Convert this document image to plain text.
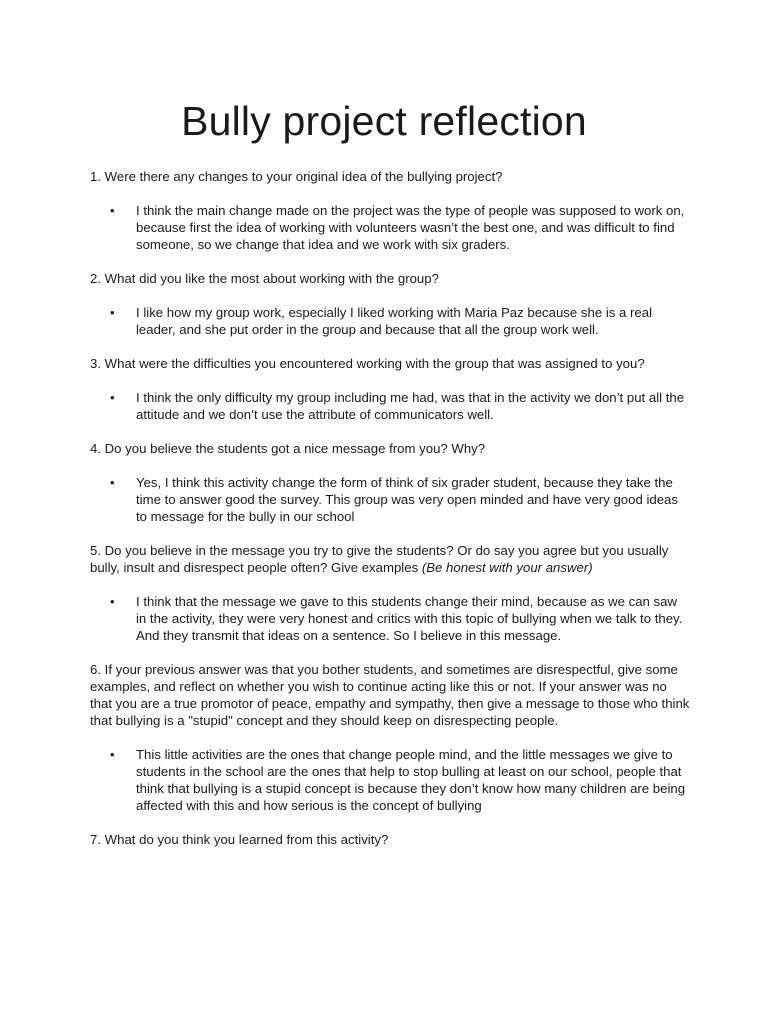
Bully project reflection

1. Were there any changes to your original idea of the bullying project?

• I think the main change made on the project was the type of people was supposed to work on, because first the idea of working with volunteers wasn’t the best one, and was difficult to find someone, so we change that idea and we work with six graders.

2. What did you like the most about working with the group?

• I like how my group work, especially I liked working with Maria Paz because she is a real leader, and she put order in the group and because that all the group work well.

3. What were the difficulties you encountered working with the group that was assigned to you?

• I think the only difficulty my group including me had, was that in the activity we don’t put all the attitude and we don’t use the attribute of communicators well.

4. Do you believe the students got a nice message from you? Why?

• Yes, I think this activity change the form of think of six grader student, because they take the time to answer good the survey. This group was very open minded and have very good ideas to message for the bully in our school

5. Do you believe in the message you try to give the students? Or do say you agree but you usually bully, insult and disrespect people often? Give examples (Be honest with your answer)

• I think that the message we gave to this students change their mind, because as we can saw in the activity, they were very honest and critics with this topic of bullying when we talk to they. And they transmit that ideas on a sentence. So I believe in this message.

6. If your previous answer was that you bother students, and sometimes are disrespectful, give some examples, and reflect on whether you wish to continue acting like this or not. If your answer was no that you are a true promotor of peace, empathy and sympathy, then give a message to those who think that bullying is a "stupid" concept and they should keep on disrespecting people.

• This little activities are the ones that change people mind, and the little messages we give to students in the school are the ones that help to stop bulling at least on our school, people that think that bullying is a stupid concept is because they don’t know how many children are being affected with this and how serious is the concept of bullying

7. What do you think you learned from this activity?
